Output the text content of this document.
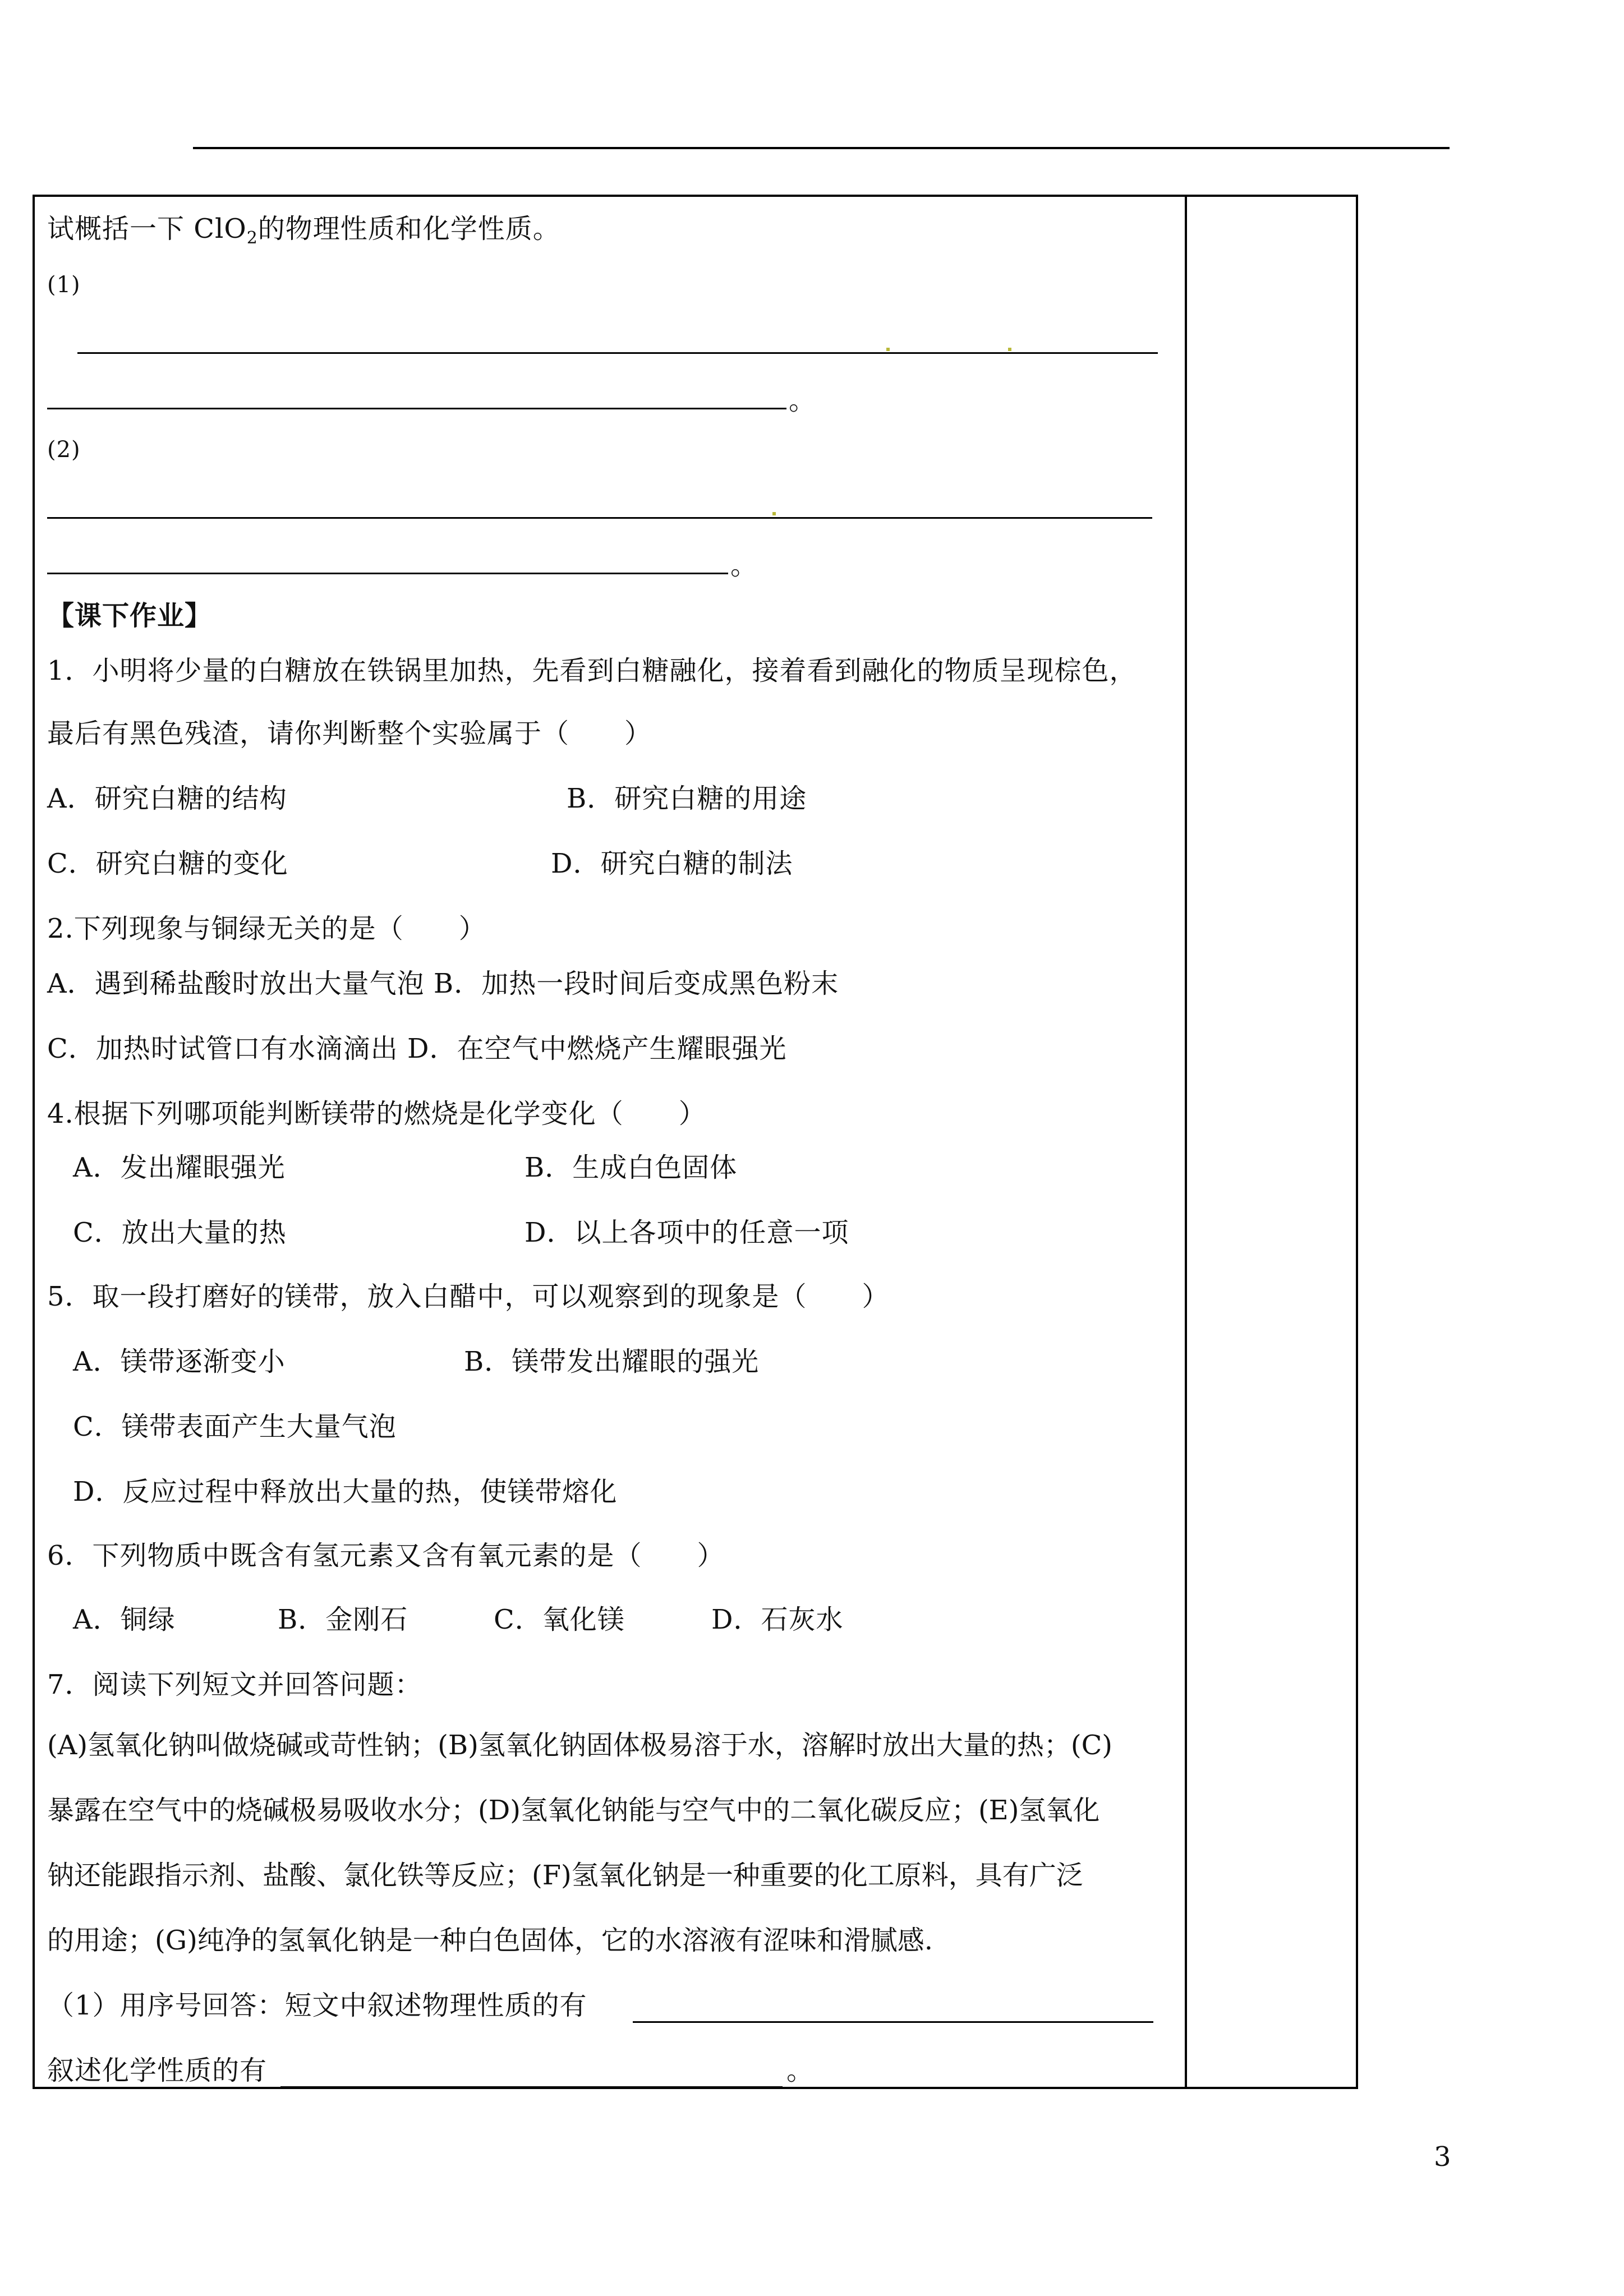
试概括一下 ClO$_2$的物理性质和化学性质。
(1)
。
(2)
。
【课下作业】
1．小明将少量的白糖放在铁锅里加热，先看到白糖融化，接着看到融化的物质呈现棕色，
最后有黑色残渣，请你判断整个实验属于（　　）
A．研究白糖的结构	B．研究白糖的用途
C．研究白糖的变化	D．研究白糖的制法
2.下列现象与铜绿无关的是（　　）
A．遇到稀盐酸时放出大量气泡 B．加热一段时间后变成黑色粉末
C．加热时试管口有水滴滴出 D．在空气中燃烧产生耀眼强光
4.根据下列哪项能判断镁带的燃烧是化学变化（　　）
A．发出耀眼强光	B．生成白色固体
C．放出大量的热	D．以上各项中的任意一项
5．取一段打磨好的镁带，放入白醋中，可以观察到的现象是（　　）
A．镁带逐渐变小	B．镁带发出耀眼的强光
C．镁带表面产生大量气泡
D．反应过程中释放出大量的热，使镁带熔化
6．下列物质中既含有氢元素又含有氧元素的是（　　）
A．铜绿	B．金刚石	C．氧化镁	D．石灰水
7．阅读下列短文并回答问题：
(A)氢氧化钠叫做烧碱或苛性钠；(B)氢氧化钠固体极易溶于水，溶解时放出大量的热；(C)
暴露在空气中的烧碱极易吸收水分；(D)氢氧化钠能与空气中的二氧化碳反应；(E)氢氧化
钠还能跟指示剂、盐酸、氯化铁等反应；(F)氢氧化钠是一种重要的化工原料，具有广泛
的用途；(G)纯净的氢氧化钠是一种白色固体，它的水溶液有涩味和滑腻感.
（1）用序号回答：短文中叙述物理性质的有
叙述化学性质的有	。
3
